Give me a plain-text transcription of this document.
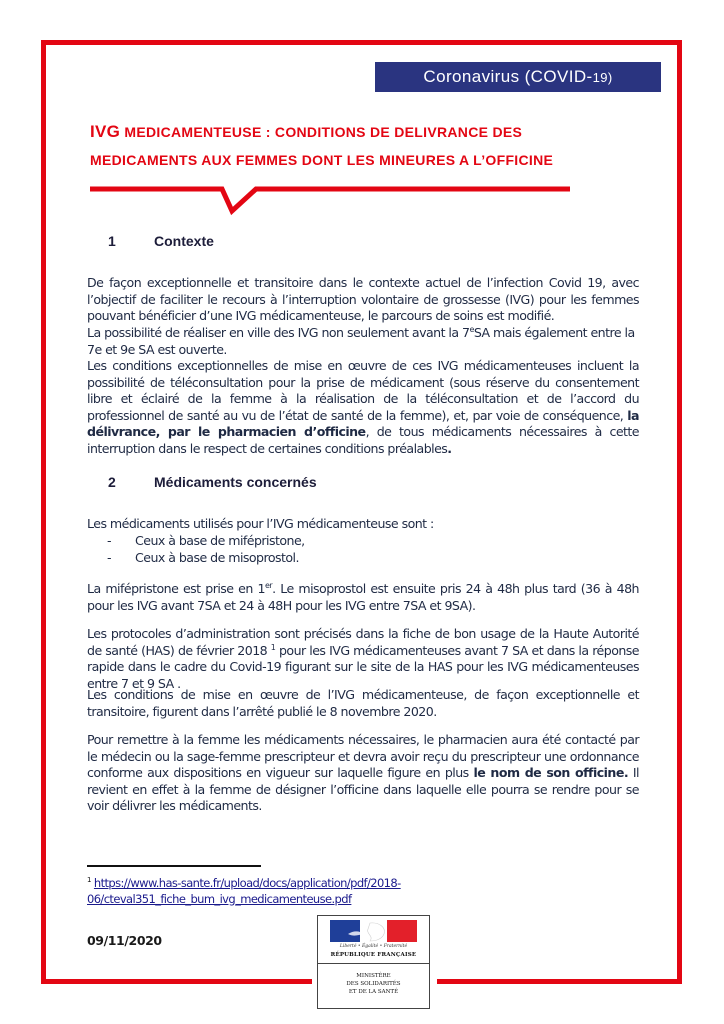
Coronavirus (COVID- 19)
IVG MEDICAMENTEUSE : CONDITIONS DE DELIVRANCE DES
MEDICAMENTS AUX FEMMES DONT LES MINEURES A L’OFFICINE
1	Contexte
De façon exceptionnelle et transitoire dans le contexte actuel de l’infection Covid 19, avec l’objectif de faciliter le recours à l’interruption volontaire de grossesse (IVG) pour les femmes pouvant bénéficier d’une IVG médicamenteuse, le parcours de soins est modifié.
La possibilité de réaliser en ville des IVG non seulement avant la 7eSA mais également entre la 7e et 9e SA est ouverte.
Les conditions exceptionnelles de mise en œuvre de ces IVG médicamenteuses incluent la possibilité de téléconsultation pour la prise de médicament (sous réserve du consentement libre et éclairé de la femme à la réalisation de la téléconsultation et de l’accord du professionnel de santé au vu de l’état de santé de la femme), et, par voie de conséquence, la délivrance, par le pharmacien d’officine, de tous médicaments nécessaires à cette interruption dans le respect de certaines conditions préalables.
2	Médicaments concernés
Les médicaments utilisés pour l’IVG médicamenteuse sont :
-	Ceux à base de mifépristone,
-	Ceux à base de misoprostol.
La mifépristone est prise en 1er. Le misoprostol est ensuite pris 24 à 48h plus tard (36 à 48h pour les IVG avant 7SA et 24 à 48H pour les IVG entre 7SA et 9SA).
Les protocoles d’administration sont précisés dans la fiche de bon usage de la Haute Autorité de santé (HAS) de février 2018 $^1$ pour les IVG médicamenteuses avant 7 SA et dans la réponse rapide dans le cadre du Covid-19 figurant sur le site de la HAS pour les IVG médicamenteuses entre 7 et 9 SA .
Les conditions de mise en œuvre de l’IVG médicamenteuse, de façon exceptionnelle et transitoire, figurent dans l’arrêté publié le 8 novembre 2020.
Pour remettre à la femme les médicaments nécessaires, le pharmacien aura été contacté par le médecin ou la sage-femme prescripteur et devra avoir reçu du prescripteur une ordonnance conforme aux dispositions en vigueur sur laquelle figure en plus le nom de son officine. Il revient en effet à la femme de désigner l’officine dans laquelle elle pourra se rendre pour se voir délivrer les médicaments.
$^1$ https://www.has-sante.fr/upload/docs/application/pdf/2018-06/cteval351_fiche_bum_ivg_medicamenteuse.pdf
09/11/2020	Liberté • Égalité • Fraternité
RÉPUBLIQUE FRANÇAISE
MINISTÈRE
DES SOLIDARITÉS
ET DE LA SANTÉ
